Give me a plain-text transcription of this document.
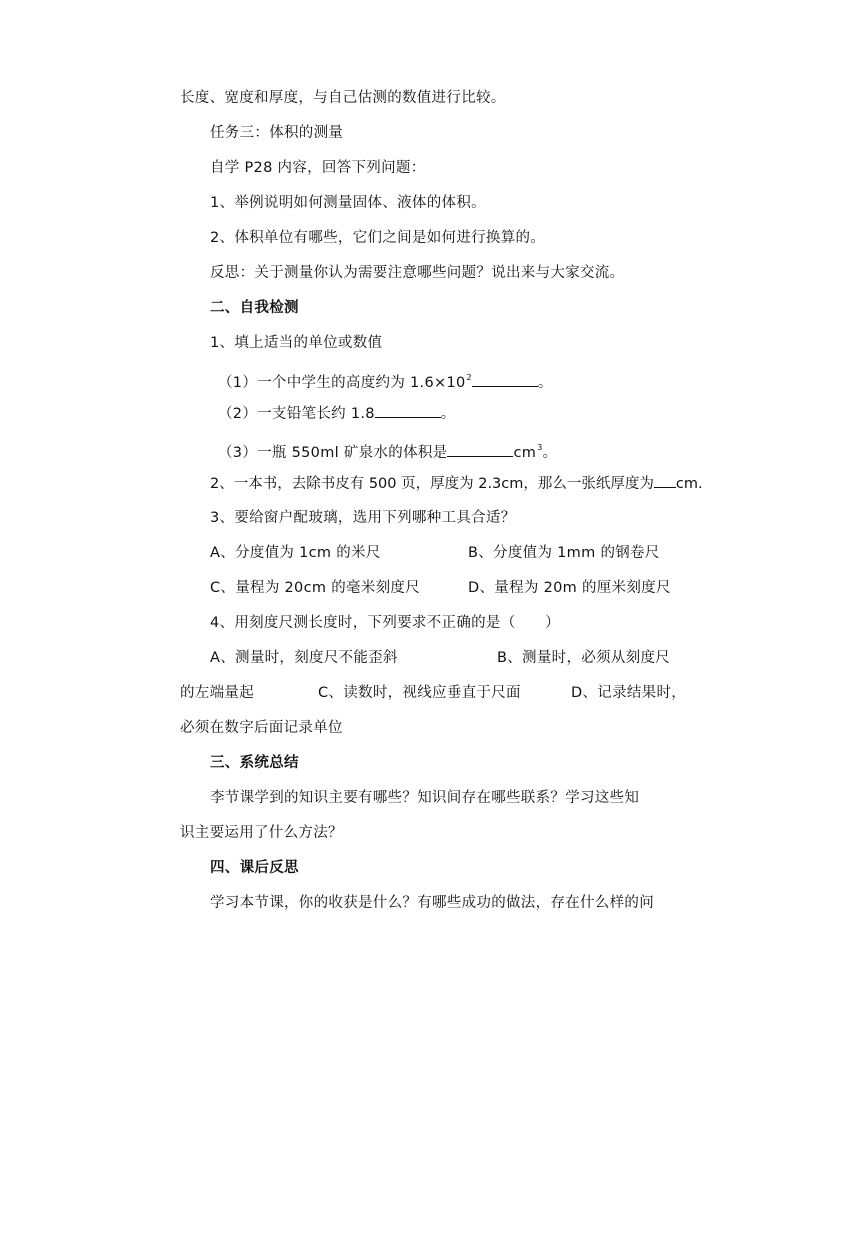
长度、宽度和厚度，与自己估测的数值进行比较。
任务三：体积的测量
自学 P28 内容，回答下列问题：
1、举例说明如何测量固体、液体的体积。
2、体积单位有哪些，它们之间是如何进行换算的。
反思：关于测量你认为需要注意哪些问题？说出来与大家交流。
二、自我检测
1、填上适当的单位或数值
（1）一个中学生的高度约为 $1.6\times 10^2$	。
（2）一支铅笔长约 1.8	。
（3）一瓶 550ml 矿泉水的体积是	$cm^3$。
2、一本书，去除书皮有 500 页，厚度为 2.3cm，那么一张纸厚度为 cm.
3、要给窗户配玻璃，选用下列哪种工具合适？
A、分度值为 1cm 的米尺	B、分度值为 1mm 的钢卷尺
C、量程为 20cm 的毫米刻度尺	D、量程为 20m 的厘米刻度尺
4、用刻度尺测长度时，下列要求不正确的是（　　）
A、测量时，刻度尺不能歪斜	B、测量时，必须从刻度尺
的左端量起	C、读数时，视线应垂直于尺面	D、记录结果时，
必须在数字后面记录单位
三、系统总结
李节课学到的知识主要有哪些？知识间存在哪些联系？学习这些知
识主要运用了什么方法？
四、课后反思
学习本节课，你的收获是什么？有哪些成功的做法，存在什么样的问
